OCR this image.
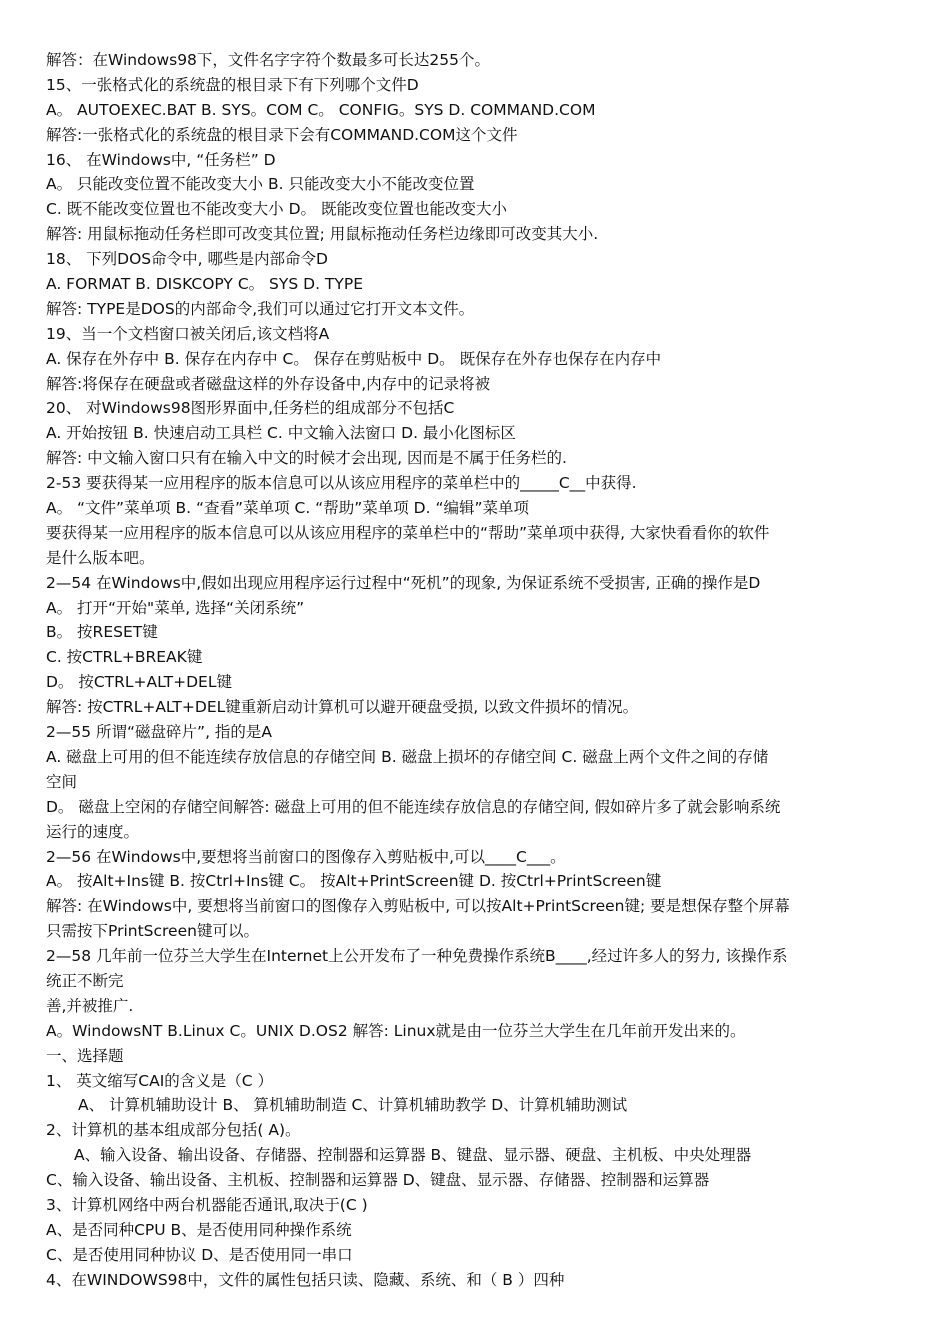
解答：在Windows98下，文件名字字符个数最多可长达255个。
15、一张格式化的系统盘的根目录下有下列哪个文件D
A。 AUTOEXEC.BAT B. SYS。COM C。 CONFIG。SYS D. COMMAND.COM
解答:一张格式化的系统盘的根目录下会有COMMAND.COM这个文件
16、 在Windows中, “任务栏” D
A。 只能改变位置不能改变大小 B. 只能改变大小不能改变位置
C. 既不能改变位置也不能改变大小 D。 既能改变位置也能改变大小
解答: 用鼠标拖动任务栏即可改变其位置; 用鼠标拖动任务栏边缘即可改变其大小.
18、 下列DOS命令中, 哪些是内部命令D
A. FORMAT B. DISKCOPY C。 SYS D. TYPE
解答: TYPE是DOS的内部命令,我们可以通过它打开文本文件。
19、当一个文档窗口被关闭后,该文档将A
A. 保存在外存中 B. 保存在内存中 C。 保存在剪贴板中 D。 既保存在外存也保存在内存中
解答:将保存在硬盘或者磁盘这样的外存设备中,内存中的记录将被
20、 对Windows98图形界面中,任务栏的组成部分不包括C
A. 开始按钮 B. 快速启动工具栏 C. 中文输入法窗口 D. 最小化图标区
解答: 中文输入窗口只有在输入中文的时候才会出现, 因而是不属于任务栏的.
2-53 要获得某一应用程序的版本信息可以从该应用程序的菜单栏中的_____C__中获得.
A。 “文件”菜单项 B. “查看”菜单项 C. “帮助”菜单项 D. “编辑”菜单项
要获得某一应用程序的版本信息可以从该应用程序的菜单栏中的“帮助”菜单项中获得, 大家快看看你的软件
是什么版本吧。
2—54 在Windows中,假如出现应用程序运行过程中“死机”的现象, 为保证系统不受损害, 正确的操作是D
A。 打开“开始"菜单, 选择“关闭系统”
B。 按RESET键
C. 按CTRL+BREAK键
D。 按CTRL+ALT+DEL键
解答: 按CTRL+ALT+DEL键重新启动计算机可以避开硬盘受损, 以致文件损坏的情况。
2—55 所谓“磁盘碎片”, 指的是A
A. 磁盘上可用的但不能连续存放信息的存储空间 B. 磁盘上损坏的存储空间 C. 磁盘上两个文件之间的存储
空间
D。 磁盘上空闲的存储空间解答: 磁盘上可用的但不能连续存放信息的存储空间, 假如碎片多了就会影响系统
运行的速度。
2—56 在Windows中,要想将当前窗口的图像存入剪贴板中,可以____C___。
A。 按Alt+Ins键 B. 按Ctrl+Ins键 C。 按Alt+PrintScreen键 D. 按Ctrl+PrintScreen键
解答: 在Windows中, 要想将当前窗口的图像存入剪贴板中, 可以按Alt+PrintScreen键; 要是想保存整个屏幕
只需按下PrintScreen键可以。
2—58 几年前一位芬兰大学生在Internet上公开发布了一种免费操作系统B____,经过许多人的努力, 该操作系
统正不断完
善,并被推广.
A。WindowsNT B.Linux C。UNIX D.OS2 解答: Linux就是由一位芬兰大学生在几年前开发出来的。
一、选择题
1、 英文缩写CAI的含义是（C ）
A、 计算机辅助设计 B、 算机辅助制造 C、计算机辅助教学 D、计算机辅助测试
2、计算机的基本组成部分包括( A)。
A、输入设备、输出设备、存储器、控制器和运算器 B、键盘、显示器、硬盘、主机板、中央处理器
C、输入设备、输出设备、主机板、控制器和运算器 D、键盘、显示器、存储器、控制器和运算器
3、计算机网络中两台机器能否通讯,取决于(C )
A、是否同种CPU B、是否使用同种操作系统
C、是否使用同种协议 D、是否使用同一串口
4、在WINDOWS98中，文件的属性包括只读、隐藏、系统、和（ B ）四种
